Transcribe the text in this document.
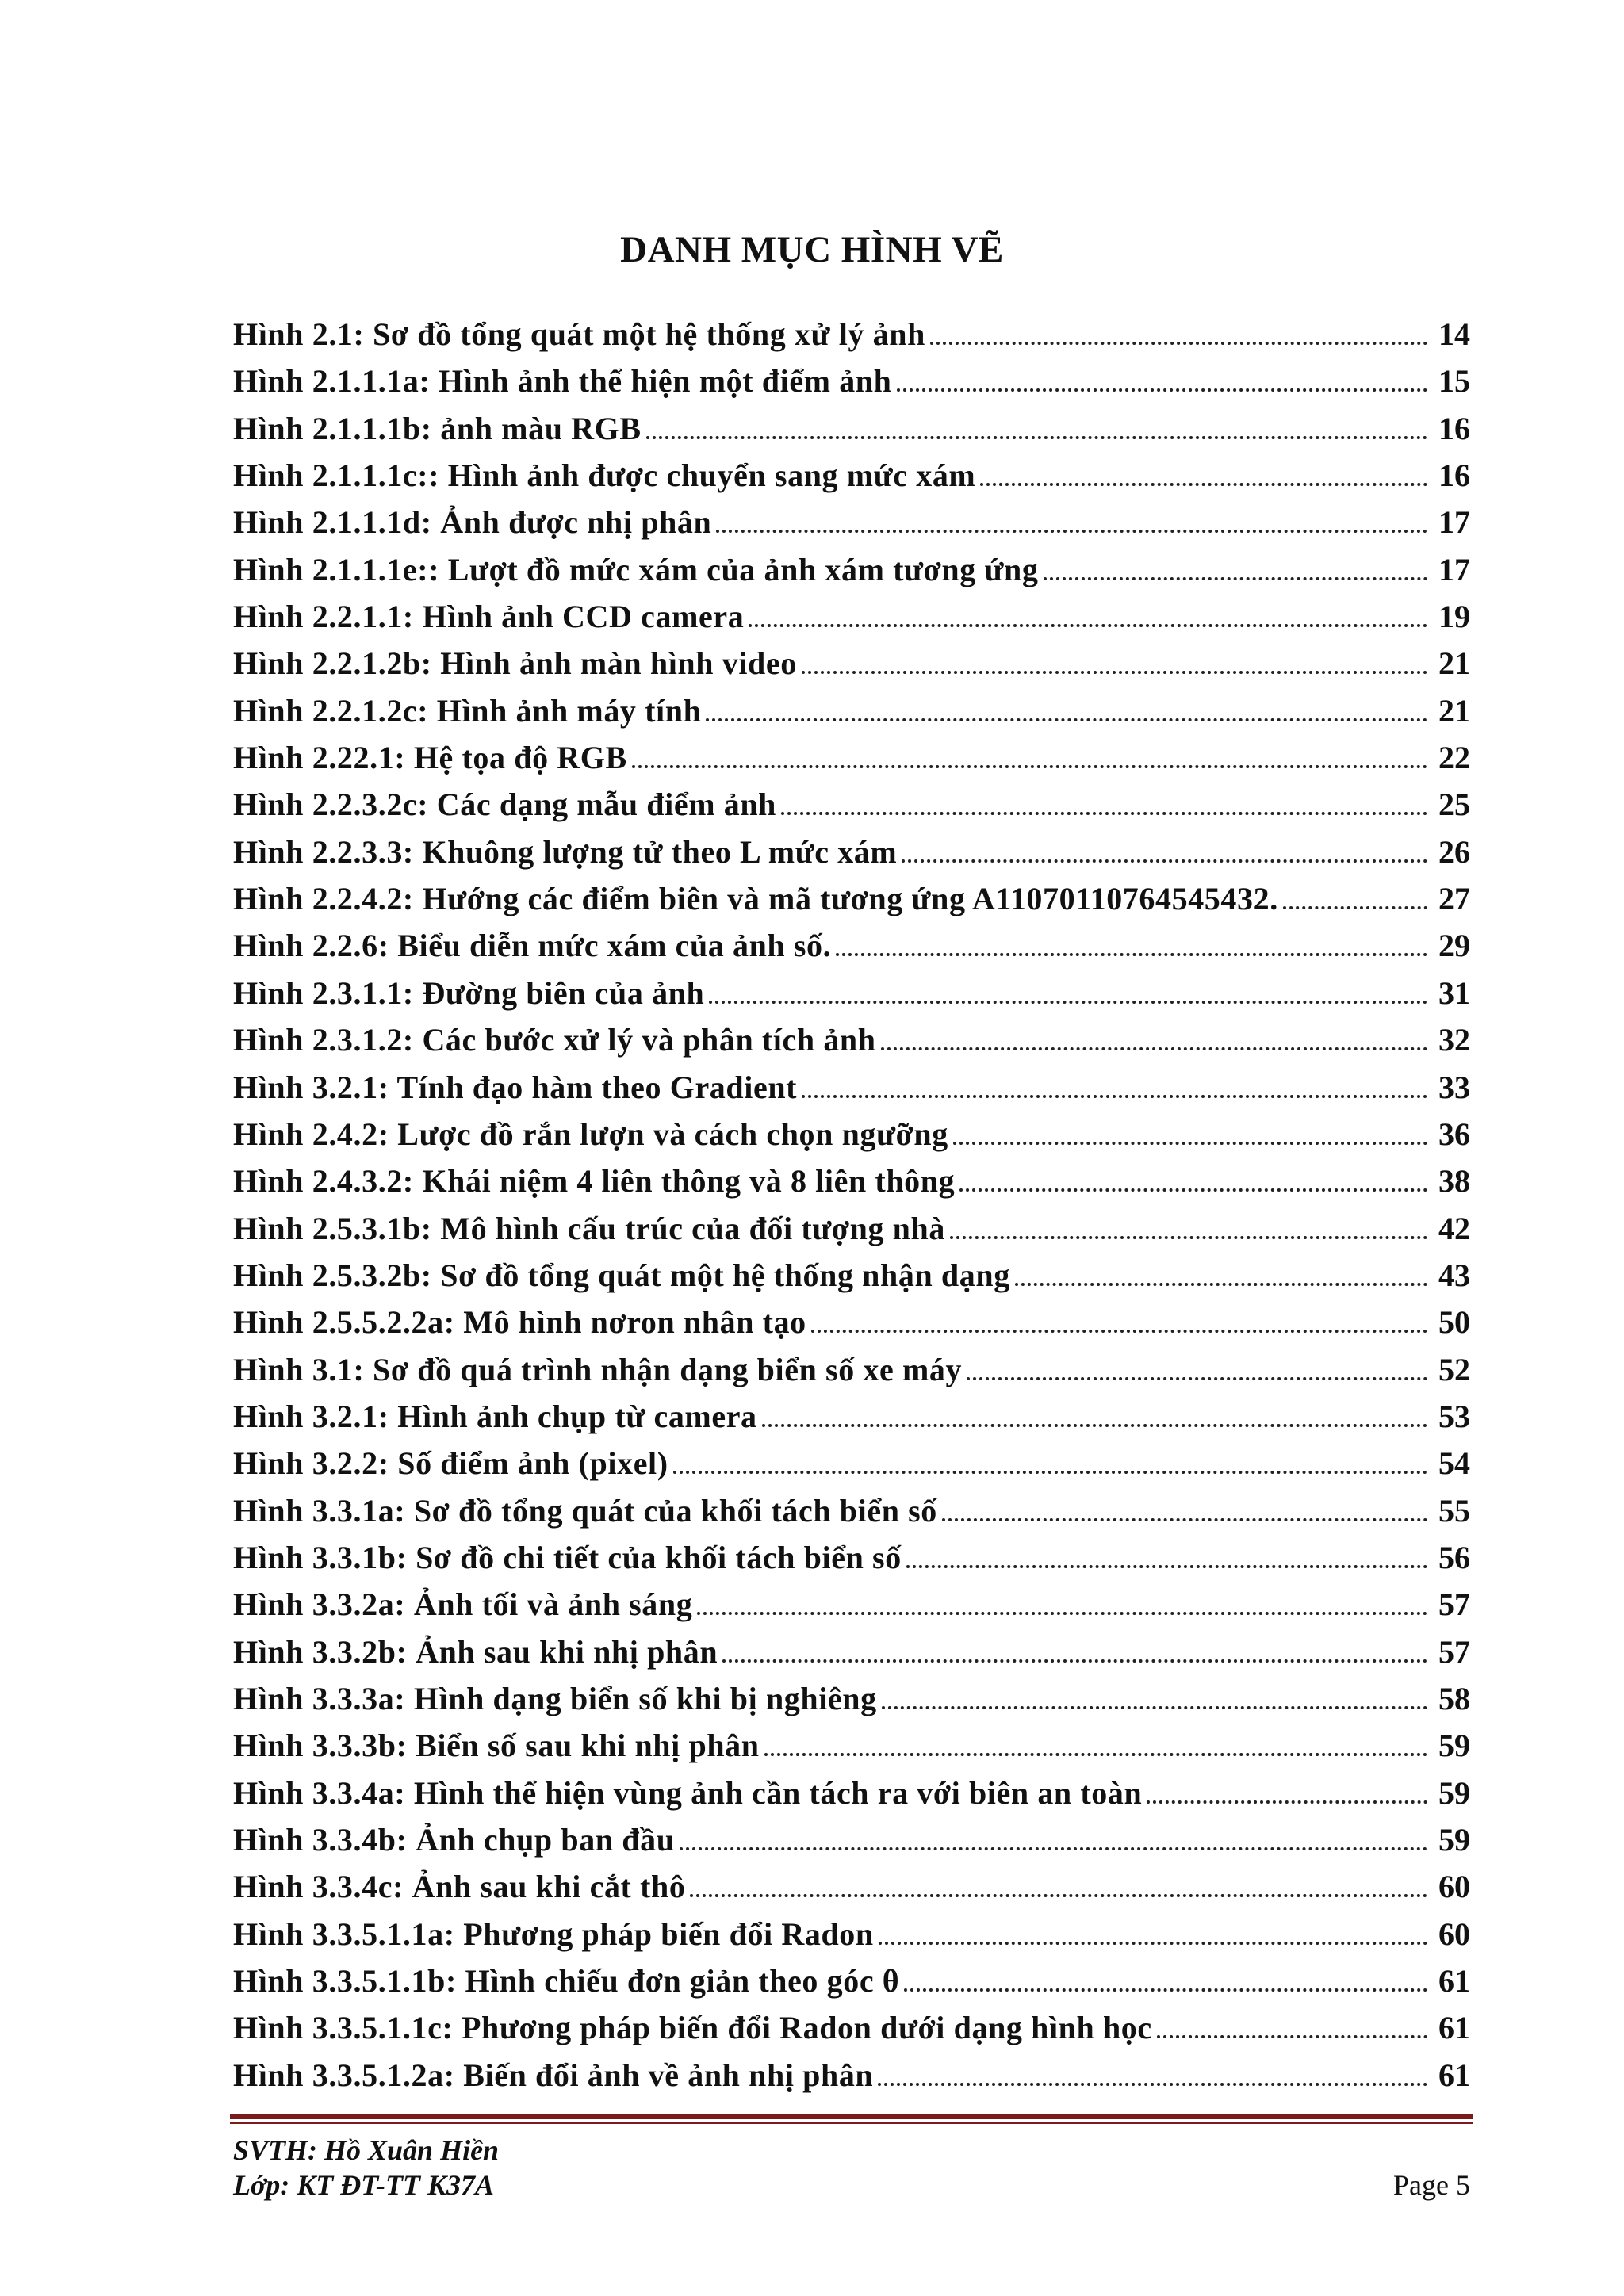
DANH MỤC HÌNH VẼ
Hình 2.1: Sơ đồ tổng quát một hệ thống xử lý ảnh	14
Hình 2.1.1.1a: Hình ảnh thể hiện một điểm ảnh	15
Hình 2.1.1.1b: ảnh màu RGB	16
Hình 2.1.1.1c:: Hình ảnh được chuyển sang mức xám	16
Hình 2.1.1.1d: Ảnh được nhị phân	17
Hình 2.1.1.1e:: Lượt đồ mức xám của ảnh xám tương ứng	17
Hình 2.2.1.1: Hình ảnh CCD camera	19
Hình 2.2.1.2b: Hình ảnh màn hình video	21
Hình 2.2.1.2c: Hình ảnh máy tính	21
Hình 2.22.1: Hệ tọa độ RGB	22
Hình 2.2.3.2c: Các dạng mẫu điểm ảnh	25
Hình 2.2.3.3: Khuông lượng tử theo L mức xám	26
Hình 2.2.4.2: Hướng các điểm biên và mã tương ứng A11070110764545432.	27
Hình 2.2.6: Biểu diễn mức xám của ảnh số.	29
Hình 2.3.1.1: Đường biên của ảnh	31
Hình 2.3.1.2: Các bước xử lý và phân tích ảnh	32
Hình 3.2.1: Tính đạo hàm theo Gradient	33
Hình 2.4.2: Lược đồ rắn lượn và cách chọn ngưỡng	36
Hình 2.4.3.2: Khái niệm 4 liên thông và 8 liên thông	38
Hình 2.5.3.1b: Mô hình cấu trúc của đối tượng nhà	42
Hình 2.5.3.2b: Sơ đồ tổng quát một hệ thống nhận dạng	43
Hình 2.5.5.2.2a: Mô hình nơron nhân tạo	50
Hình 3.1: Sơ đồ quá trình nhận dạng biển số xe máy	52
Hình 3.2.1: Hình ảnh chụp từ camera	53
Hình 3.2.2: Số điểm ảnh (pixel)	54
Hình 3.3.1a: Sơ đồ tổng quát của khối tách biển số	55
Hình 3.3.1b: Sơ đồ chi tiết của khối tách biển số	56
Hình 3.3.2a: Ảnh tối và ảnh sáng	57
Hình 3.3.2b: Ảnh sau khi nhị phân	57
Hình 3.3.3a: Hình dạng biển số khi bị nghiêng	58
Hình 3.3.3b: Biển số sau khi nhị phân	59
Hình 3.3.4a: Hình thể hiện vùng ảnh cần tách ra với biên an toàn	59
Hình 3.3.4b: Ảnh chụp ban đầu	59
Hình 3.3.4c: Ảnh sau khi cắt thô	60
Hình 3.3.5.1.1a: Phương pháp biến đổi Radon	60
Hình 3.3.5.1.1b: Hình chiếu đơn giản theo góc θ	61
Hình 3.3.5.1.1c: Phương pháp biến đổi Radon dưới dạng hình học	61
Hình 3.3.5.1.2a: Biến đổi ảnh về ảnh nhị phân	61
SVTH: Hồ Xuân Hiền
Lớp: KT ĐT-TT K37A	Page 5
